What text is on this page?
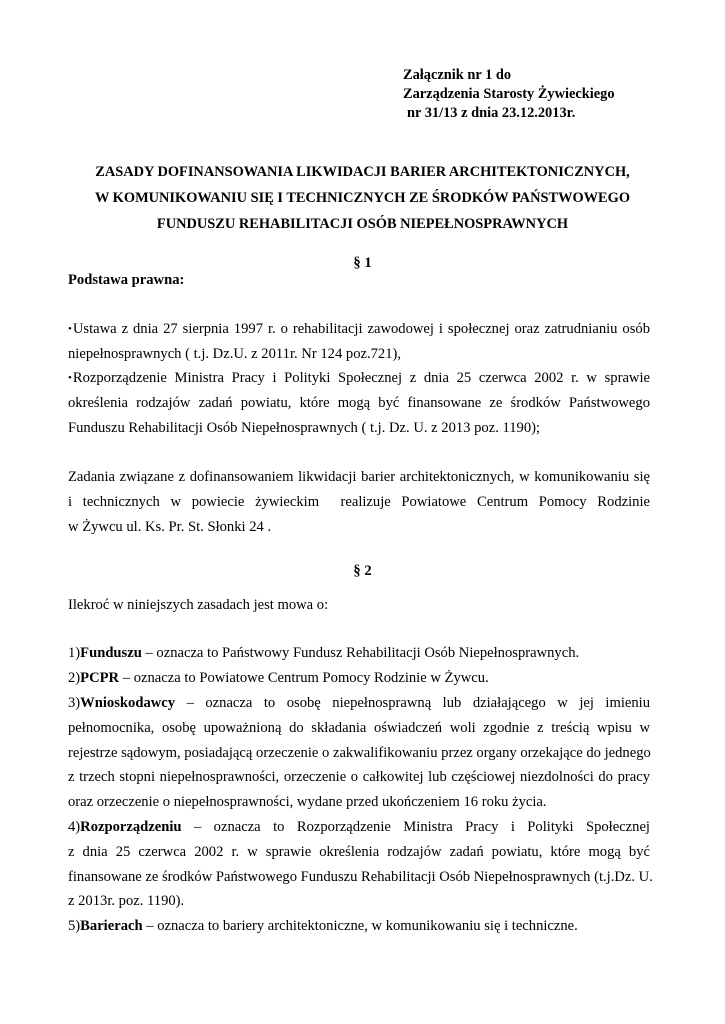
Załącznik nr 1 do
Zarządzenia Starosty Żywieckiego
nr 31/13 z dnia 23.12.2013r.
ZASADY DOFINANSOWANIA LIKWIDACJI BARIER ARCHITEKTONICZNYCH,
W KOMUNIKOWANIU SIĘ I TECHNICZNYCH ZE ŚRODKÓW PAŃSTWOWEGO
FUNDUSZU REHABILITACJI OSÓB NIEPEŁNOSPRAWNYCH
§ 1
Podstawa prawna:
•Ustawa z dnia 27 sierpnia 1997 r. o rehabilitacji zawodowej i społecznej oraz zatrudnianiu osób
niepełnosprawnych ( t.j. Dz.U. z 2011r. Nr 124 poz.721),
•Rozporządzenie Ministra Pracy i Polityki Społecznej z dnia 25 czerwca 2002 r. w sprawie
określenia rodzajów zadań powiatu, które mogą być finansowane ze środków Państwowego
Funduszu Rehabilitacji Osób Niepełnosprawnych ( t.j. Dz. U. z 2013 poz. 1190);
Zadania związane z dofinansowaniem likwidacji barier architektonicznych, w komunikowaniu się
i technicznych w powiecie żywieckim  realizuje Powiatowe Centrum Pomocy Rodzinie
w Żywcu ul. Ks. Pr. St. Słonki 24 .
§ 2
Ilekroć w niniejszych zasadach jest mowa o:
1)Funduszu – oznacza to Państwowy Fundusz Rehabilitacji Osób Niepełnosprawnych.
2)PCPR – oznacza to Powiatowe Centrum Pomocy Rodzinie w Żywcu.
3)Wnioskodawcy – oznacza to osobę niepełnosprawną lub działającego w jej imieniu
pełnomocnika, osobę upoważnioną do składania oświadczeń woli zgodnie z treścią wpisu w
rejestrze sądowym, posiadającą orzeczenie o zakwalifikowaniu przez organy orzekające do jednego
z trzech stopni niepełnosprawności, orzeczenie o całkowitej lub częściowej niezdolności do pracy
oraz orzeczenie o niepełnosprawności, wydane przed ukończeniem 16 roku życia.
4)Rozporządzeniu – oznacza to Rozporządzenie Ministra Pracy i Polityki Społecznej
z dnia 25 czerwca 2002 r. w sprawie określenia rodzajów zadań powiatu, które mogą być
finansowane ze środków Państwowego Funduszu Rehabilitacji Osób Niepełnosprawnych (t.j.Dz. U.
z 2013r. poz. 1190).
5)Barierach – oznacza to bariery architektoniczne, w komunikowaniu się i techniczne.
